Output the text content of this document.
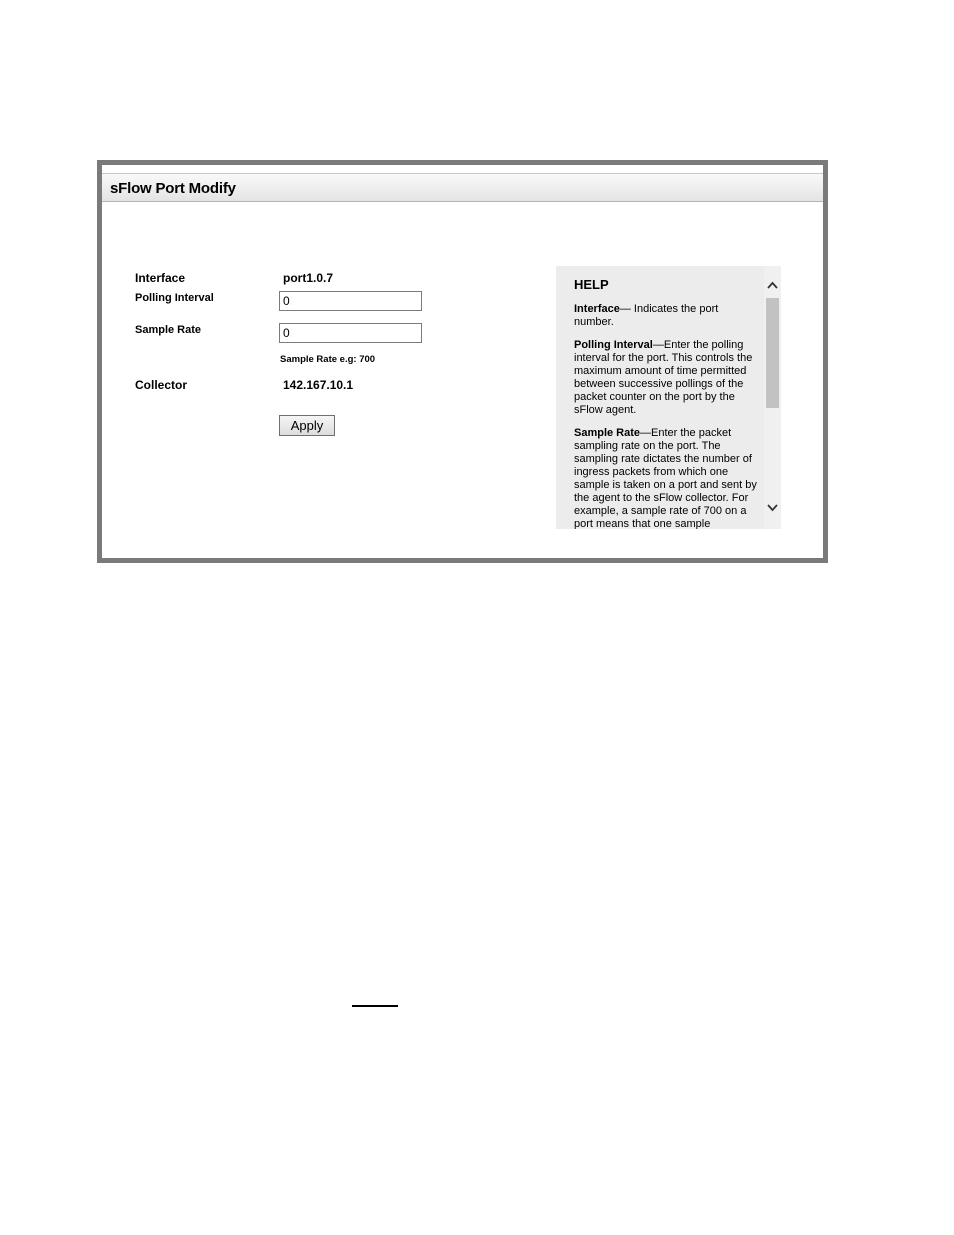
sFlow Port Modify
Interface	port1.0.7
Polling Interval
0
Sample Rate
0
Sample Rate e.g: 700
Collector	142.167.10.1
Apply
HELP

Interface— Indicates the port number.

Polling Interval—Enter the polling interval for the port. This controls the maximum amount of time permitted between successive pollings of the packet counter on the port by the sFlow agent.

Sample Rate—Enter the packet sampling rate on the port. The sampling rate dictates the number of ingress packets from which one sample is taken on a port and sent by the agent to the sFlow collector. For example, a sample rate of 700 on a port means that one sample
